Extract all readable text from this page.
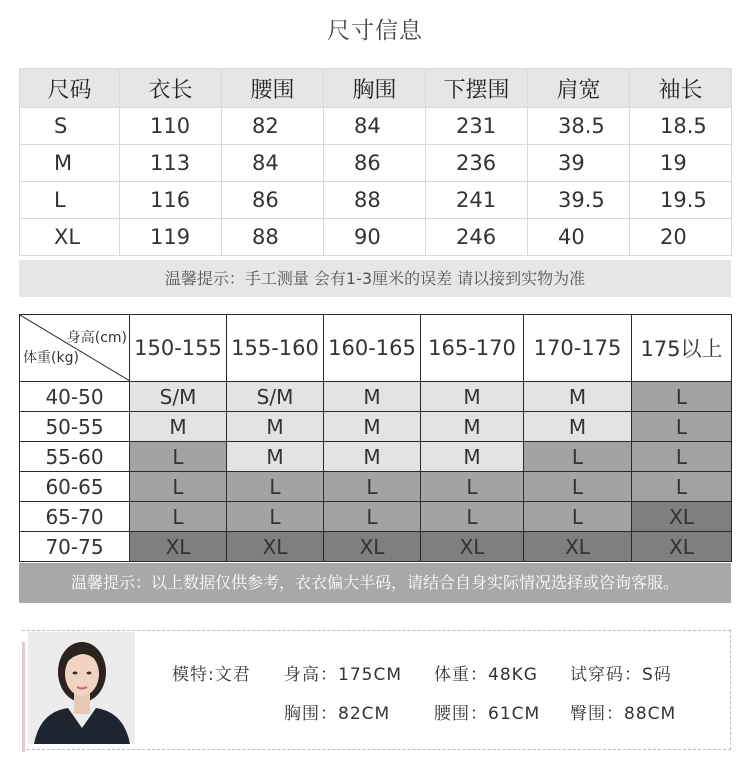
尺寸信息
尺码	衣长	腰围	胸围	下摆围	肩宽	袖长
S	110	82	84	231	38.5	18.5
M	113	84	86	236	39	19
L	116	86	88	241	39.5	19.5
XL	119	88	90	246	40	20
温馨提示：手工测量 会有1-3厘米的误差 请以接到实物为准
身高(cm)
体重(kg)	150-155	155-160	160-165	165-170	170-175	175以上
40-50	S/M	S/M	M	M	M	L
50-55	M	M	M	M	M	L
55-60	L	M	M	M	L	L
60-65	L	L	L	L	L	L
65-70	L	L	L	L	L	XL
70-75	XL	XL	XL	XL	XL	XL
温馨提示：以上数据仅供参考，衣衣偏大半码，请结合自身实际情况选择或咨询客服。
模特:文君 身高：175CM 体重：48KG 试穿码：S码
胸围：82CM	腰围：61CM 臀围：88CM
